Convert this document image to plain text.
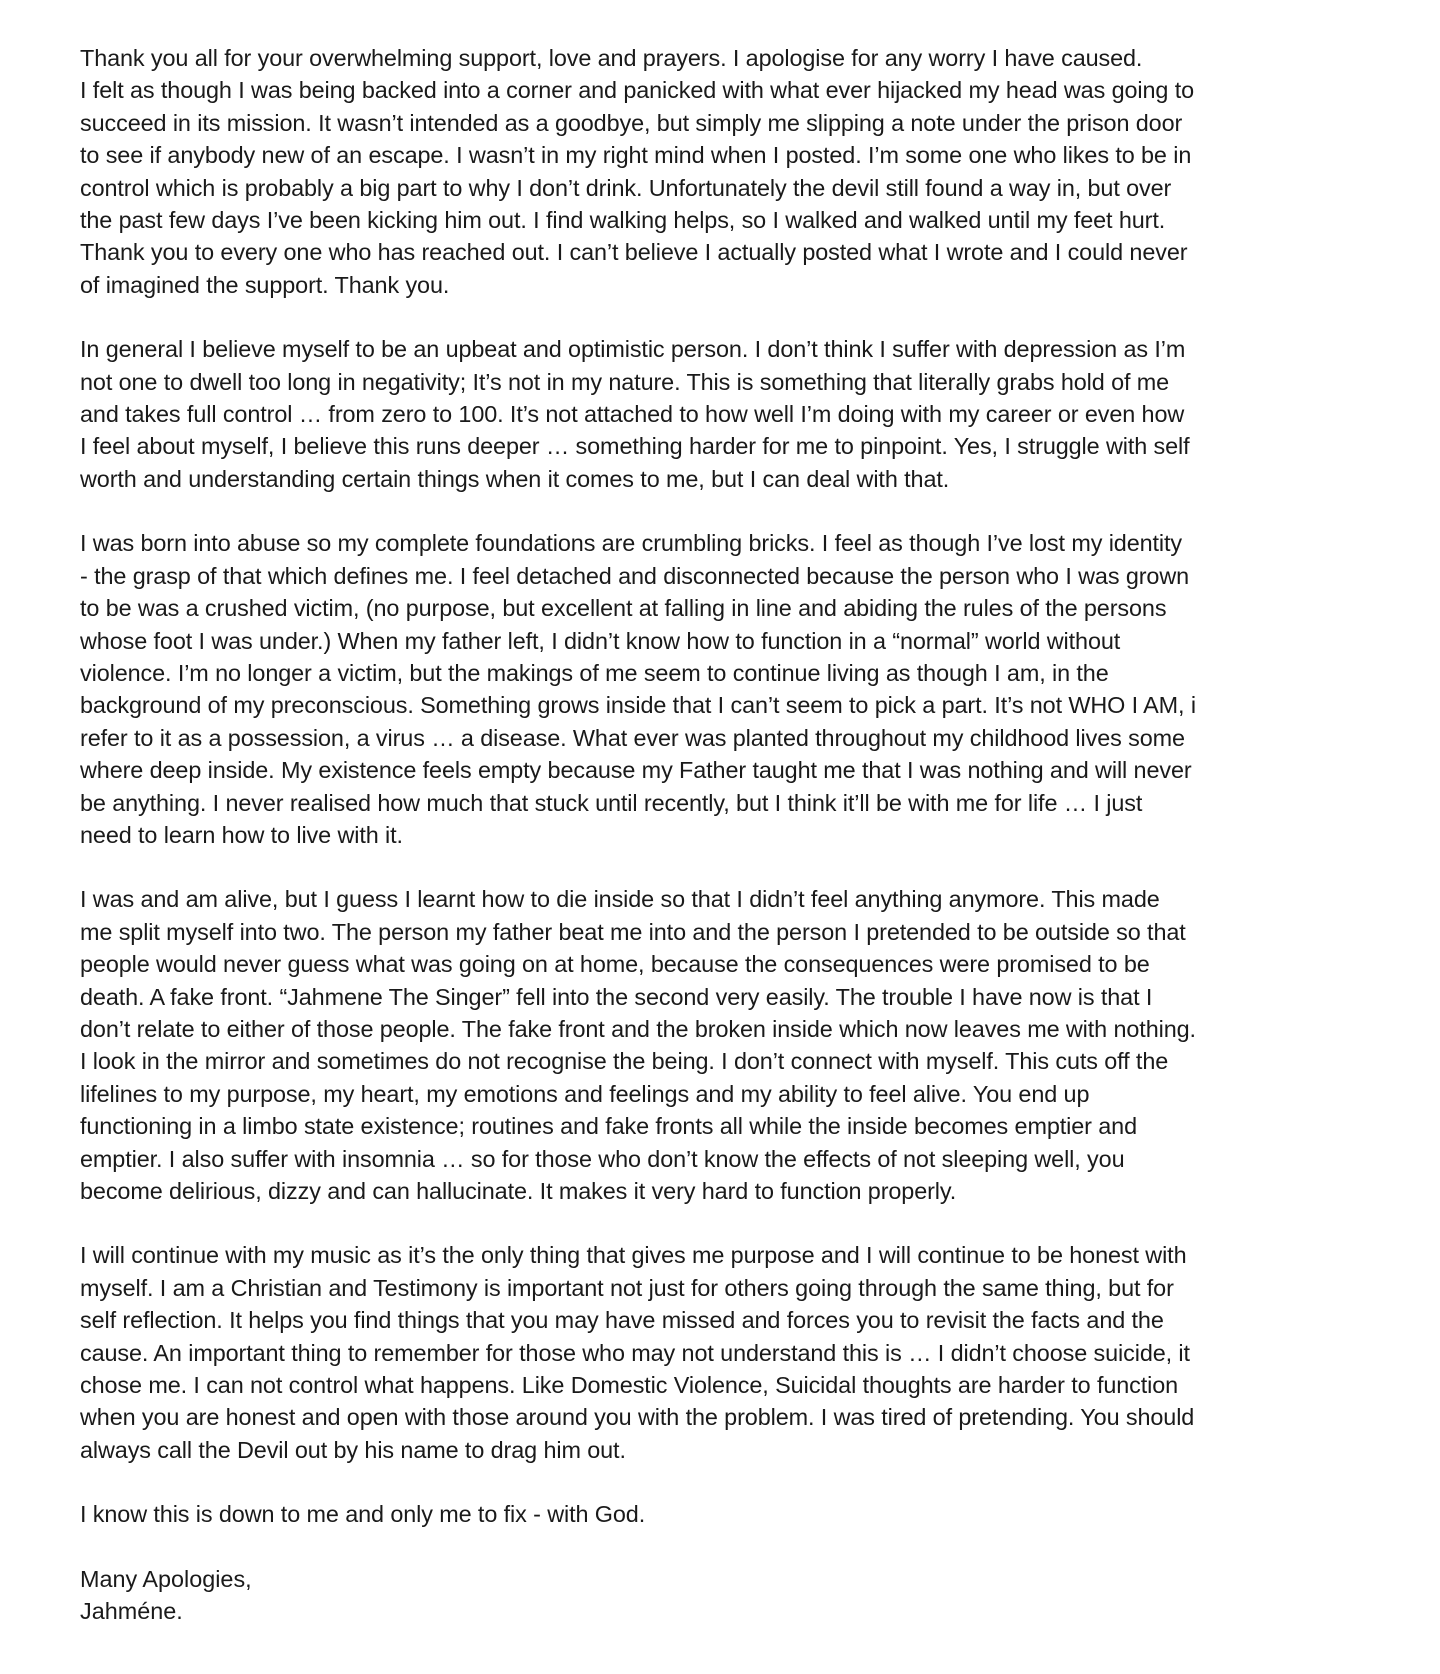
Thank you all for your overwhelming support, love and prayers. I apologise for any worry I have caused.
I felt as though I was being backed into a corner and panicked with what ever hijacked my head was going to
succeed in its mission. It wasn’t intended as a goodbye, but simply me slipping a note under the prison door
to see if anybody new of an escape. I wasn’t in my right mind when I posted. I’m some one who likes to be in
control which is probably a big part to why I don’t drink. Unfortunately the devil still found a way in, but over
the past few days I’ve been kicking him out. I find walking helps, so I walked and walked until my feet hurt.
Thank you to every one who has reached out. I can’t believe I actually posted what I wrote and I could never
of imagined the support. Thank you.

In general I believe myself to be an upbeat and optimistic person. I don’t think I suffer with depression as I’m
not one to dwell too long in negativity; It’s not in my nature. This is something that literally grabs hold of me
and takes full control … from zero to 100. It’s not attached to how well I’m doing with my career or even how
I feel about myself, I believe this runs deeper … something harder for me to pinpoint. Yes, I struggle with self
worth and understanding certain things when it comes to me, but I can deal with that.

I was born into abuse so my complete foundations are crumbling bricks. I feel as though I’ve lost my identity
- the grasp of that which defines me. I feel detached and disconnected because the person who I was grown
to be was a crushed victim, (no purpose, but excellent at falling in line and abiding the rules of the persons
whose foot I was under.) When my father left, I didn’t know how to function in a “normal” world without
violence. I’m no longer a victim, but the makings of me seem to continue living as though I am, in the
background of my preconscious. Something grows inside that I can’t seem to pick a part. It’s not WHO I AM, i
refer to it as a possession, a virus … a disease. What ever was planted throughout my childhood lives some
where deep inside. My existence feels empty because my Father taught me that I was nothing and will never
be anything. I never realised how much that stuck until recently, but I think it’ll be with me for life … I just
need to learn how to live with it.

I was and am alive, but I guess I learnt how to die inside so that I didn’t feel anything anymore. This made
me split myself into two. The person my father beat me into and the person I pretended to be outside so that
people would never guess what was going on at home, because the consequences were promised to be
death. A fake front. “Jahmene The Singer” fell into the second very easily. The trouble I have now is that I
don’t relate to either of those people. The fake front and the broken inside which now leaves me with nothing.
I look in the mirror and sometimes do not recognise the being. I don’t connect with myself. This cuts off the
lifelines to my purpose, my heart, my emotions and feelings and my ability to feel alive. You end up
functioning in a limbo state existence; routines and fake fronts all while the inside becomes emptier and
emptier. I also suffer with insomnia … so for those who don’t know the effects of not sleeping well, you
become delirious, dizzy and can hallucinate. It makes it very hard to function properly.

I will continue with my music as it’s the only thing that gives me purpose and I will continue to be honest with
myself. I am a Christian and Testimony is important not just for others going through the same thing, but for
self reflection. It helps you find things that you may have missed and forces you to revisit the facts and the
cause. An important thing to remember for those who may not understand this is … I didn’t choose suicide, it
chose me. I can not control what happens. Like Domestic Violence, Suicidal thoughts are harder to function
when you are honest and open with those around you with the problem. I was tired of pretending. You should
always call the Devil out by his name to drag him out.

I know this is down to me and only me to fix - with God.

Many Apologies,
Jahméne.
